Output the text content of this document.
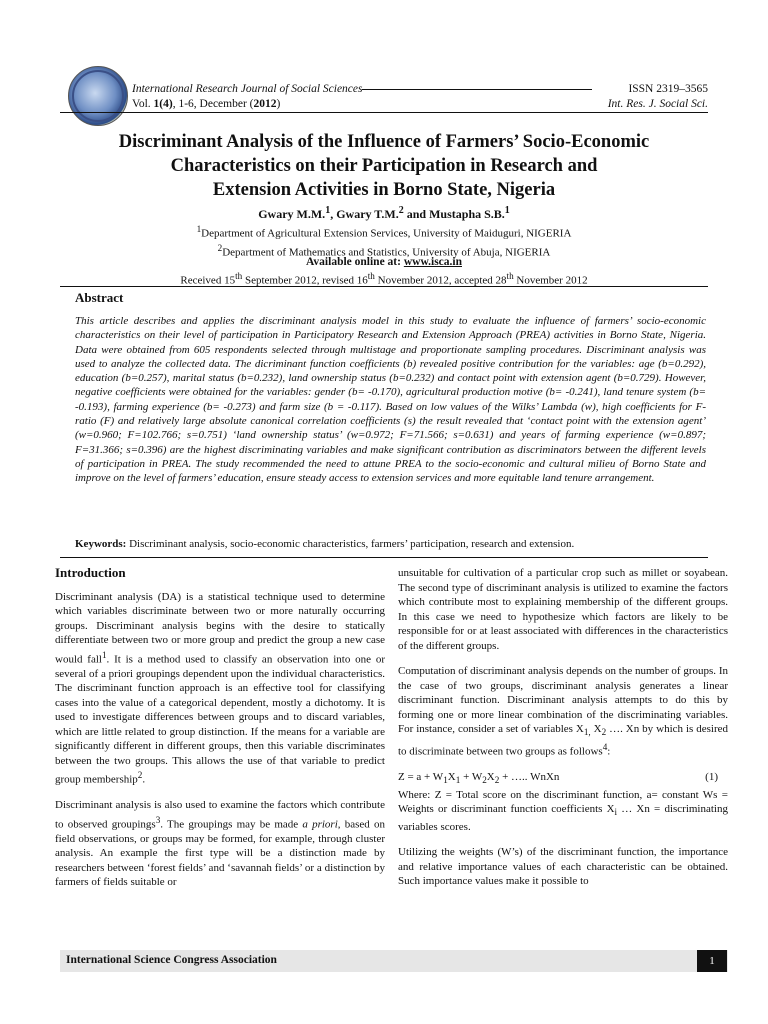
International Research Journal of Social Sciences
Vol. 1(4), 1-6, December (2012)
ISSN 2319–3565
Int. Res. J. Social Sci.
Discriminant Analysis of the Influence of Farmers’ Socio-Economic
Characteristics on their Participation in Research and
Extension Activities in Borno State, Nigeria
Gwary M.M.$^1$, Gwary T.M.$^2$ and Mustapha S.B.$^1$
$^1$Department of Agricultural Extension Services, University of Maiduguri, NIGERIA
$^2$Department of Mathematics and Statistics, University of Abuja, NIGERIA
Available online at: www.isca.in
Received 15th September 2012, revised 16th November 2012, accepted 28th November 2012
Abstract
This article describes and applies the discriminant analysis model in this study to evaluate the influence of farmers’ socio-economic characteristics on their level of participation in Participatory Research and Extension Approach (PREA) activities in Borno State, Nigeria. Data were obtained from 605 respondents selected through multistage and proportionate sampling procedures. Discriminant analysis was used to analyze the collected data. The dicriminant function coefficients (b) revealed positive contribution for the variables: age (b=0.292), education (b=0.257), marital status (b=0.232), land ownership status (b=0.232) and contact point with extension agent (b=0.729). However, negative coefficients were obtained for the variables: gender (b= -0.170), agricultural production motive (b= -0.241), land tenure system (b= -0.193), farming experience (b= -0.273) and farm size (b = -0.117). Based on low values of the Wilks’ Lambda (w), high coefficients for F-ratio (F) and relatively large absolute canonical correlation coefficients (s) the result revealed that ‘contact point with the extension agent’ (w=0.960; F=102.766; s=0.751) ‘land ownership status’ (w=0.972; F=71.566; s=0.631) and years of farming experience (w=0.897; F=31.366; s=0.396) are the highest discriminating variables and make significant contribution as discriminators between the different levels of participation in PREA. The study recommended the need to attune PREA to the socio-economic and cultural milieu of Borno State and improve on the level of farmers’ education, ensure steady access to extension services and more equitable land tenure arrangement.
Keywords: Discriminant analysis, socio-economic characteristics, farmers’ participation, research and extension.
Introduction

Discriminant analysis (DA) is a statistical technique used to determine which variables discriminate between two or more naturally occurring groups. Discriminant analysis begins with the desire to statically differentiate between two or more group and predict the group a new case would fall$^1$. It is a method used to classify an observation into one or several of a priori groupings dependent upon the individual characteristics. The discriminant function approach is an effective tool for classifying cases into the value of a categorical dependent, mostly a dichotomy. It is used to investigate differences between groups and to discard variables, which are little related to group distinction. If the means for a variable are significantly different in different groups, then this variable discriminates between the two groups. This allows the use of that variable to predict group membership$^2$.

Discriminant analysis is also used to examine the factors which contribute to observed groupings$^3$. The groupings may be made a priori, based on field observations, or groups may be formed, for example, through cluster analysis. An example the first type will be a distinction made by researchers between ‘forest fields’ and ‘savannah fields’ or a distinction by farmers of fields suitable or

unsuitable for cultivation of a particular crop such as millet or soyabean. The second type of discriminant analysis is utilized to examine the factors which contribute most to explaining membership of the different groups. In this case we need to hypothesize which factors are likely to be responsible for or at least associated with differences in the characteristics of the different groups.

Computation of discriminant analysis depends on the number of groups. In the case of two groups, discriminant analysis generates a linear discriminant function. Discriminant analysis attempts to do this by forming one or more linear combination of the discriminating variables. For instance, consider a set of variables $X_{1,}$ $X_2$ …. Xn by which is desired to discriminate between two groups as follows$^4$:

$Z = a + W_1X_1 + W_2X_2$ + ….. WnXn	(1)

Where: Z = Total score on the discriminant function, a= constant Ws = Weights or discriminant function coefficients $X_i$ … Xn = discriminating variables scores.

Utilizing the weights (W’s) of the discriminant function, the importance and relative importance values of each characteristic can be obtained. Such importance values make it possible to

International Science Congress Association	1
